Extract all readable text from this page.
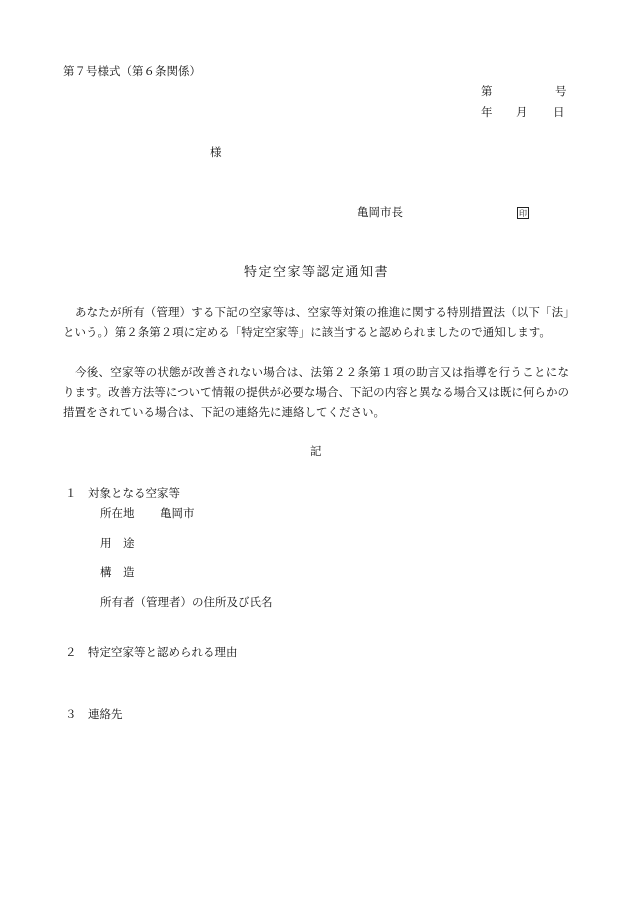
第７号様式（第６条関係）
第	号
年 月 日
様
亀岡市長	印
特定空家等認定通知書
あなたが所有（管理）する下記の空家等は、空家等対策の推進に関する特別措置法（以下「法」という。）第２条第２項に定める「特定空家等」に該当すると認められましたので通知します。
今後、空家等の状態が改善されない場合は、法第２２条第１項の助言又は指導を行うことになります。改善方法等について情報の提供が必要な場合、下記の内容と異なる場合又は既に何らかの措置をされている場合は、下記の連絡先に連絡してください。
記
１ 対象となる空家等
所在地 亀岡市
用　途
構　造
所有者（管理者）の住所及び氏名
２ 特定空家等と認められる理由
３ 連絡先
